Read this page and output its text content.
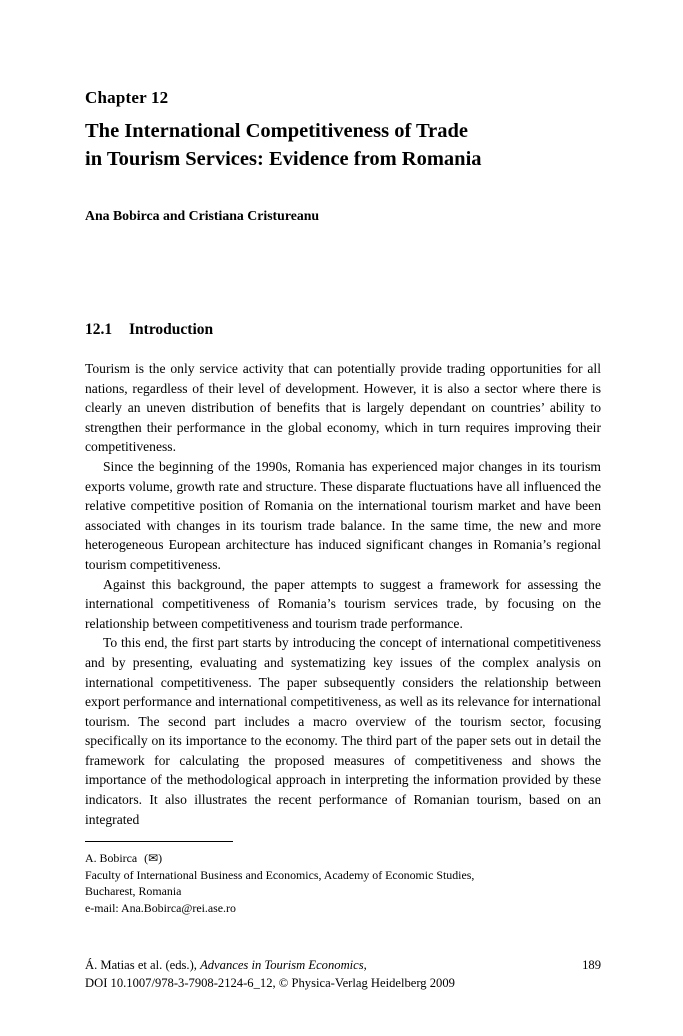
Chapter 12
The International Competitiveness of Trade
in Tourism Services: Evidence from Romania
Ana Bobirca and Cristiana Cristureanu
12.1 Introduction

Tourism is the only service activity that can potentially provide trading opportunities for all nations, regardless of their level of development. However, it is also a sector where there is clearly an uneven distribution of benefits that is largely dependant on countries’ ability to strengthen their performance in the global economy, which in turn requires improving their competitiveness.

Since the beginning of the 1990s, Romania has experienced major changes in its tourism exports volume, growth rate and structure. These disparate fluctuations have all influenced the relative competitive position of Romania on the international tourism market and have been associated with changes in its tourism trade balance. In the same time, the new and more heterogeneous European architecture has induced significant changes in Romania’s regional tourism competitiveness.

Against this background, the paper attempts to suggest a framework for assessing the international competitiveness of Romania’s tourism services trade, by focusing on the relationship between competitiveness and tourism trade performance.

To this end, the first part starts by introducing the concept of international competitiveness and by presenting, evaluating and systematizing key issues of the complex analysis on international competitiveness. The paper subsequently considers the relationship between export performance and international competitiveness, as well as its relevance for international tourism. The second part includes a macro overview of the tourism sector, focusing specifically on its importance to the economy. The third part of the paper sets out in detail the framework for calculating the proposed measures of competitiveness and shows the importance of the methodological approach in interpreting the information provided by these indicators. It also illustrates the recent performance of Romanian tourism, based on an integrated

A. Bobirca (✉)
Faculty of International Business and Economics, Academy of Economic Studies,
Bucharest, Romania
e-mail: Ana.Bobirca@rei.ase.ro
Á. Matias et al. (eds.), Advances in Tourism Economics,
DOI 10.1007/978-3-7908-2124-6_12, © Physica-Verlag Heidelberg 2009
189
